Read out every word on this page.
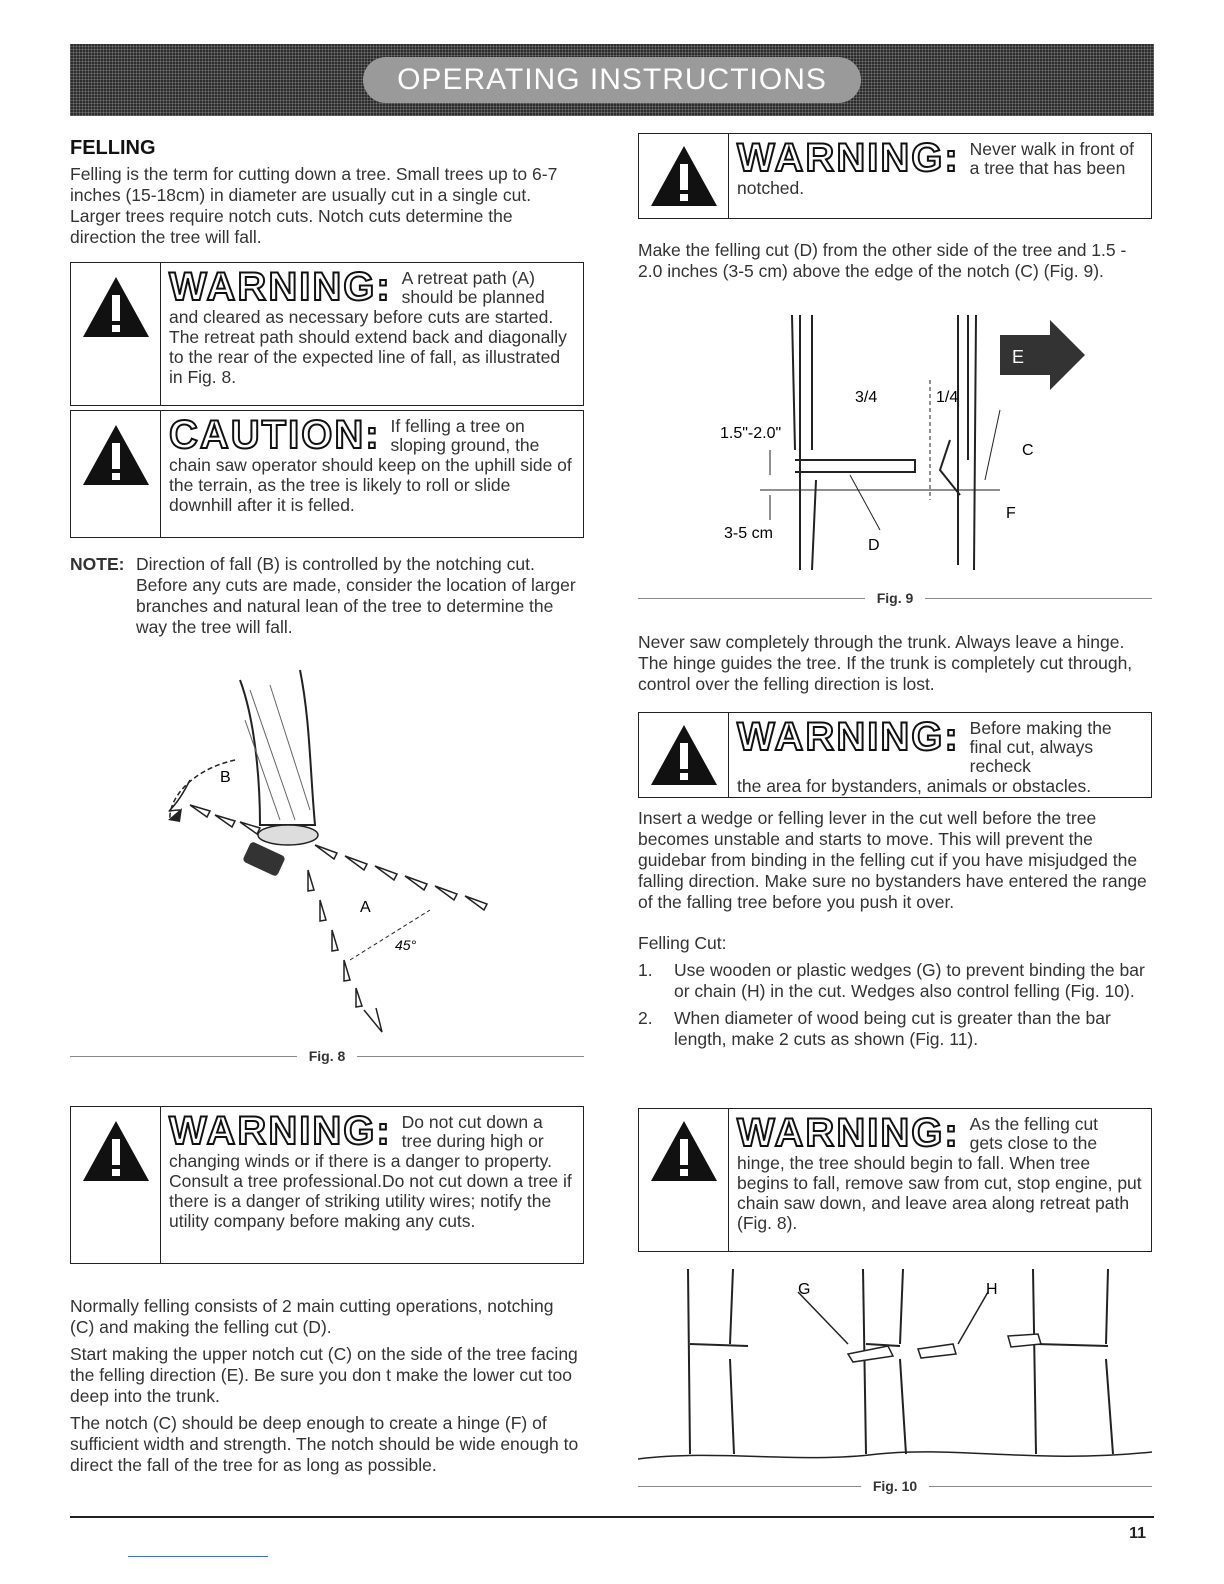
OPERATING INSTRUCTIONS
FELLING

Felling is the term for cutting down a tree. Small trees up to 6-7 inches (15-18cm) in diameter are usually cut in a single cut. Larger trees require notch cuts. Notch cuts determine the direction the tree will fall.

WARNING: A retreat path (A) should be planned
and cleared as necessary before cuts are started. The retreat path should extend back and diagonally to the rear of the expected line of fall, as illustrated in Fig. 8.
CAUTION: If felling a tree on sloping ground, the
chain saw operator should keep on the uphill side of the terrain, as the tree is likely to roll or slide downhill after it is felled.
NOTE: Direction of fall (B) is controlled by the notching cut. Before any cuts are made, consider the location of larger branches and natural lean of the tree to determine the way the tree will fall.

B
A
45°
Fig. 8
WARNING: Do not cut down a tree during high or
changing winds or if there is a danger to property. Consult a tree professional.Do not cut down a tree if there is a danger of striking utility wires; notify the utility company before making any cuts.

Normally felling consists of 2 main cutting operations, notching (C) and making the felling cut (D).

Start making the upper notch cut (C) on the side of the tree facing the felling direction (E). Be sure you don t make the lower cut too deep into the trunk.

The notch (C) should be deep enough to create a hinge (F) of sufficient width and strength. The notch should be wide enough to direct the fall of the tree for as long as possible.

WARNING: Never walk in front of a tree that has been
notched.

Make the felling cut (D) from the other side of the tree and 1.5 - 2.0 inches (3-5 cm) above the edge of the notch (C) (Fig. 9).

E
3/4	1/4
1.5"-2.0"
3-5 cm
C
D
F
Fig. 9

Never saw completely through the trunk. Always leave a hinge. The hinge guides the tree. If the trunk is completely cut through, control over the felling direction is lost.

WARNING: Before making the final cut, always recheck
the area for bystanders, animals or obstacles.

Insert a wedge or felling lever in the cut well before the tree becomes unstable and starts to move. This will prevent the guidebar from binding in the felling cut if you have misjudged the falling direction. Make sure no bystanders have entered the range of the falling tree before you push it over.

Felling Cut:

1.	Use wooden or plastic wedges (G) to prevent binding the bar or chain (H) in the cut. Wedges also control felling (Fig. 10).
2.	When diameter of wood being cut is greater than the bar length, make 2 cuts as shown (Fig. 11).
WARNING: As the felling cut gets close to the
hinge, the tree should begin to fall. When tree begins to fall, remove saw from cut, stop engine, put chain saw down, and leave area along retreat path (Fig. 8).
G	H
Fig. 10
11
